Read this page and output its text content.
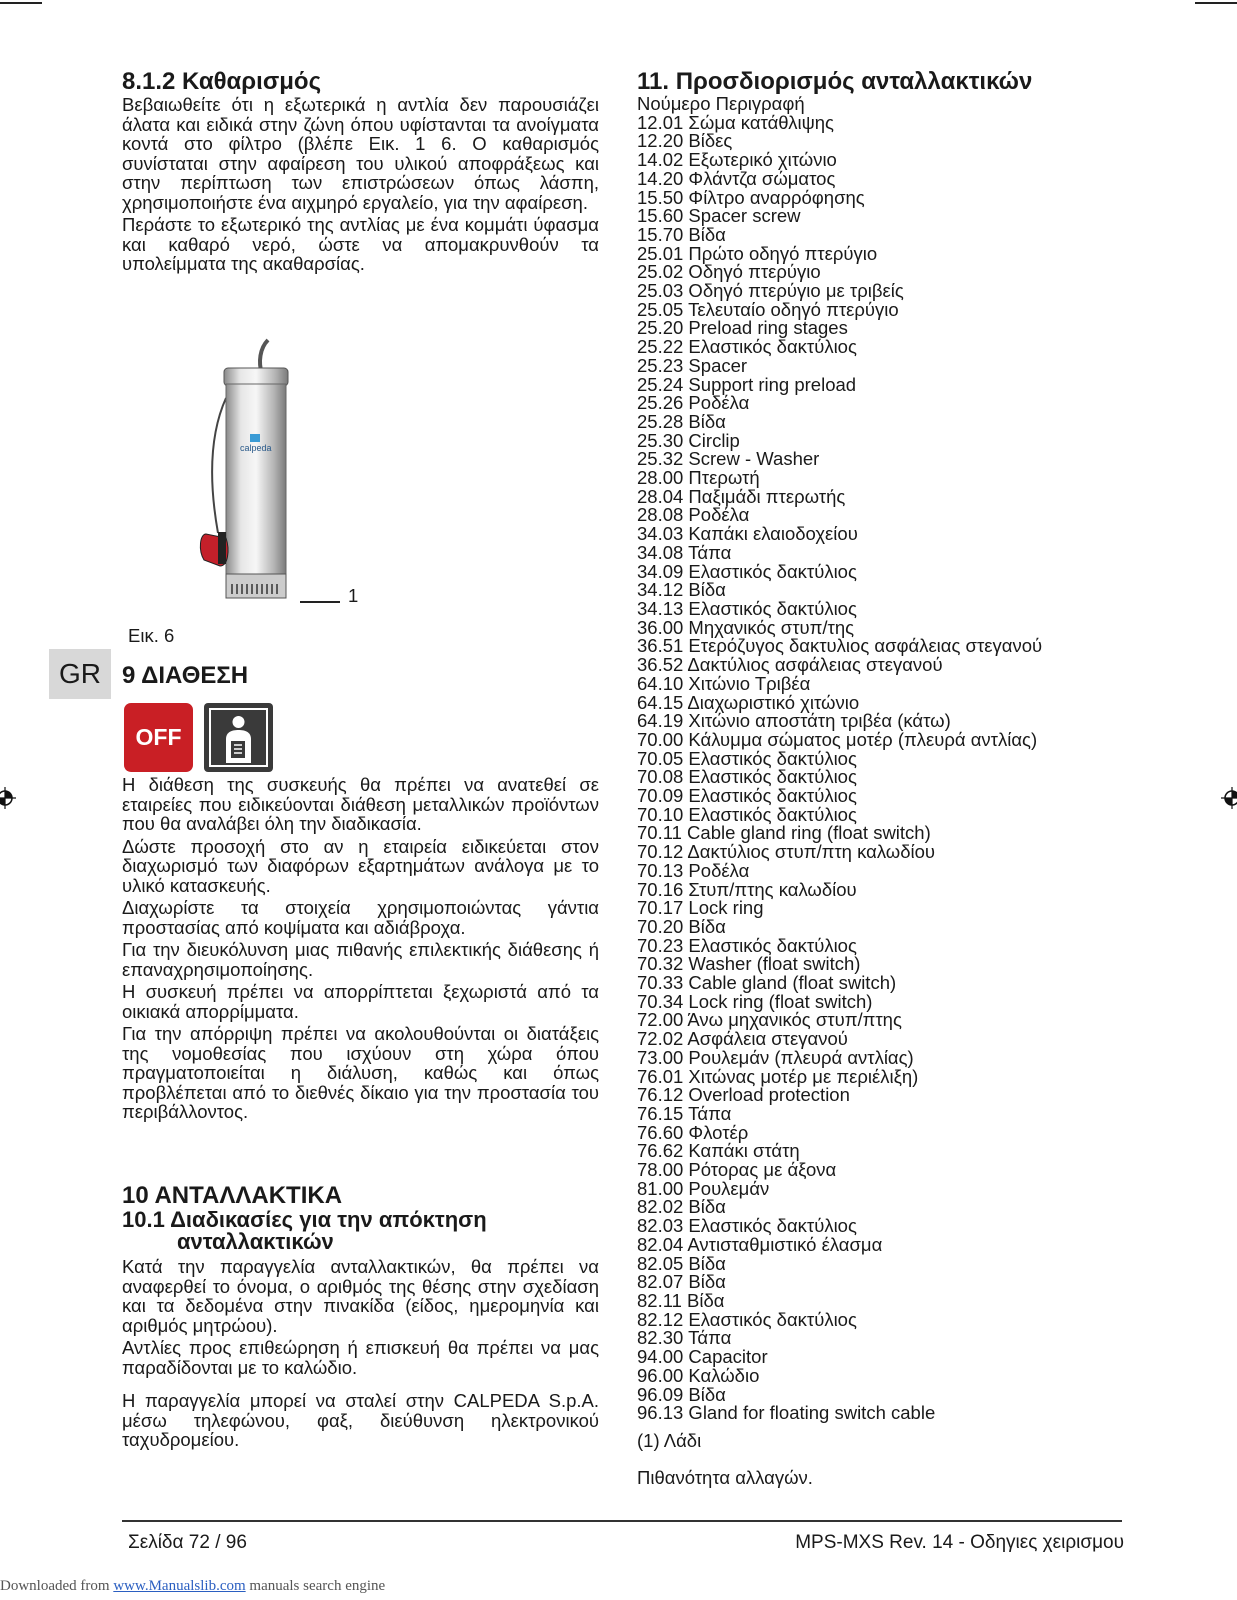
8.1.2 Καθαρισμός

Βεβαιωθείτε ότι η εξωτερικά η αντλία δεν παρουσιάζει άλατα και ειδικά στην ζώνη όπου υφίστανται τα ανοίγματα κοντά στο φίλτρο (βλέπε Εικ. 1 6. Ο καθαρισμός συνίσταται στην αφαίρεση του υλικού αποφράξεως και στην περίπτωση των επιστρώσεων όπως λάσπη, χρησιμοποιήστε ένα αιχμηρό εργαλείο, για την αφαίρεση.

Περάστε το εξωτερικό της αντλίας με ένα κομμάτι ύφασμα και καθαρό νερό, ώστε να απομακρυνθούν τα υπολείμματα της ακαθαρσίας.

calpeda
1
Εικ. 6
GR 9 ΔΙΑΘΕΣΗ
OFF

Η διάθεση της συσκευής θα πρέπει να ανατεθεί σε εταιρείες που ειδικεύονται διάθεση μεταλλικών προϊόντων που θα αναλάβει όλη την διαδικασία.

Δώστε προσοχή στο αν η εταιρεία ειδικεύεται στον διαχωρισμό των διαφόρων εξαρτημάτων ανάλογα με το υλικό κατασκευής.

Διαχωρίστε τα στοιχεία χρησιμοποιώντας γάντια προστασίας από κοψίματα και αδιάβροχα.

Για την διευκόλυνση μιας πιθανής επιλεκτικής διάθεσης ή επαναχρησιμοποίησης.

Η συσκευή πρέπει να απορρίπτεται ξεχωριστά από τα οικιακά απορρίμματα.

Για την απόρριψη πρέπει να ακολουθούνται οι διατάξεις της νομοθεσίας που ισχύουν στη χώρα όπου πραγματοποιείται η διάλυση, καθώς και όπως προβλέπεται από το διεθνές δίκαιο για την προστασία του περιβάλλοντος.

10 ΑΝΤΑΛΛΑΚΤΙΚΑ
10.1 Διαδικασίες για την απόκτηση ανταλλακτικών

Κατά την παραγγελία ανταλλακτικών, θα πρέπει να αναφερθεί το όνομα, ο αριθμός της θέσης στην σχεδίαση και τα δεδομένα στην πινακίδα (είδος, ημερομηνία και αριθμός μητρώου).

Αντλίες προς επιθεώρηση ή επισκευή θα πρέπει να μας παραδίδονται με το καλώδιο.

Η παραγγελία μπορεί να σταλεί στην CALPEDA S.p.A. μέσω τηλεφώνου, φαξ, διεύθυνση ηλεκτρονικού ταχυδρομείου.

11. Προσδιορισμός ανταλλακτικών
Νούμερο Περιγραφή
12.01 Σώμα κατάθλιψης
12.20 Βίδες
14.02 Εξωτερικό χιτώνιο
14.20 Φλάντζα σώματος
15.50 Φίλτρο αναρρόφησης
15.60 Spacer screw
15.70 Βίδα
25.01 Πρώτο οδηγό πτερύγιο
25.02 Οδηγό πτερύγιο
25.03 Οδηγό πτερύγιο με τριβείς
25.05 Τελευταίο οδηγό πτερύγιο
25.20 Preload ring stages
25.22 Ελαστικός δακτύλιος
25.23 Spacer
25.24 Support ring preload
25.26 Ροδέλα
25.28 Βίδα
25.30 Circlip
25.32 Screw - Washer
28.00 Πτερωτή
28.04 Παξιμάδι πτερωτής
28.08 Ροδέλα
34.03 Καπάκι ελαιοδοχείου
34.08 Τάπα
34.09 Ελαστικός δακτύλιος
34.12 Βίδα
34.13 Ελαστικός δακτύλιος
36.00 Μηχανικός στυπ/της
36.51 Ετερόζυγος δακτυλιος ασφάλειας στεγανού
36.52 Δακτύλιος ασφάλειας στεγανού
64.10 Χιτώνιο Τριβέα
64.15 Διαχωριστικό χιτώνιο
64.19 Χιτώνιο αποστάτη τριβέα (κάτω)
70.00 Κάλυμμα σώματος μοτέρ (πλευρά αντλίας)
70.05 Ελαστικός δακτύλιος
70.08 Ελαστικός δακτύλιος
70.09 Ελαστικός δακτύλιος
70.10 Ελαστικός δακτύλιος
70.11 Cable gland ring (float switch)
70.12 Δακτύλιος στυπ/πτη καλωδίου
70.13 Ροδέλα
70.16 Στυπ/πτης καλωδίου
70.17 Lock ring
70.20 Βίδα
70.23 Ελαστικός δακτύλιος
70.32 Washer (float switch)
70.33 Cable gland (float switch)
70.34 Lock ring (float switch)
72.00 Άνω μηχανικός στυπ/πτης
72.02 Ασφάλεια στεγανού
73.00 Ρουλεμάν (πλευρά αντλίας)
76.01 Χιτώνας μοτέρ με περιέλιξη)
76.12 Overload protection
76.15 Τάπα
76.60 Φλοτέρ
76.62 Καπάκι στάτη
78.00 Ρότορας με άξονα
81.00 Ρουλεμάν
82.02 Βίδα
82.03 Ελαστικός δακτύλιος
82.04 Αντισταθμιστικό έλασμα
82.05 Βίδα
82.07 Βίδα
82.11 Βίδα
82.12 Ελαστικός δακτύλιος
82.30 Τάπα
94.00 Capacitor
96.00 Καλώδιο
96.09 Βίδα
96.13 Gland for floating switch cable
(1) Λάδι
Πιθανότητα αλλαγών.
Σελίδα 72 / 96	MPS-MXS Rev. 14 - Οδηγιες χειρισμου
Downloaded from www.Manualslib.com manuals search engine
